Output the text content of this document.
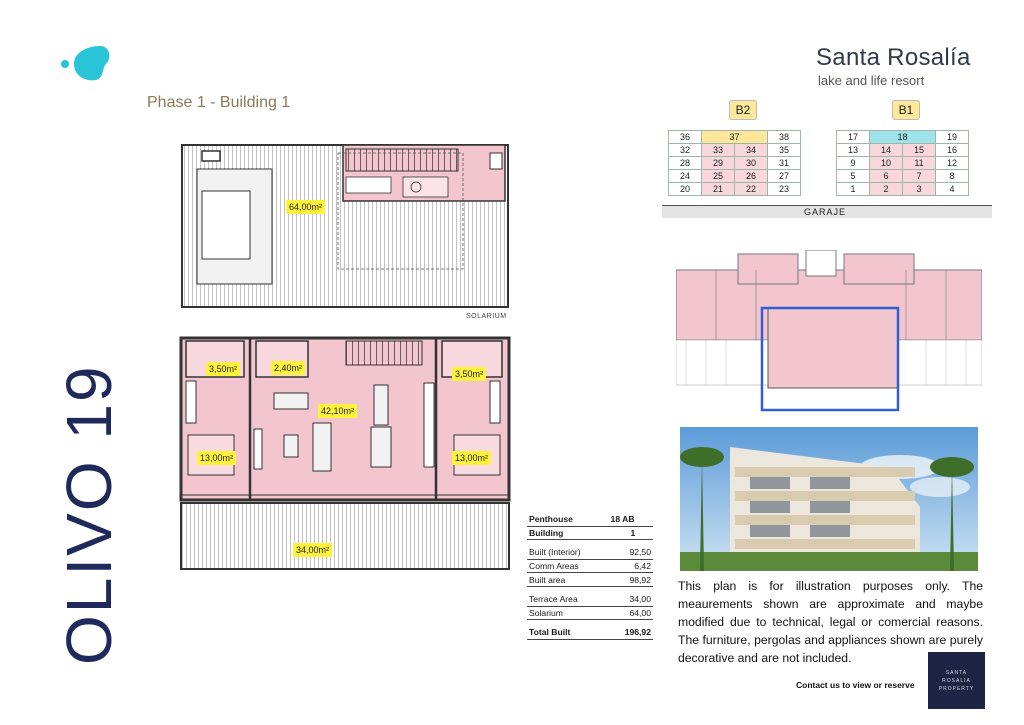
OLIVO 19
Phase 1 - Building 1
Santa Rosalía
lake and life resort
64,00m²
SOLARIUM
3,50m²	2,40m²
3,50m²
42,10m²
13,00m²	13,00m²
34,00m²
Penthouse	18 AB
Building	1

Built (Interior)	92,50
Comm Areas	6,42
Built area	98,92

Terrace Area	34,00
Solarium	64,00

Total Built	196,92
B2	B1
36	37		38
32	33	34	35
28	29	30	31
24	25	26	27
20	21	22	23
17	18		19
13	14	15	16
9	10	11	12
5	6	7	8
1	2	3	4
GARAJE
This plan is for illustration purposes only. The meaurements shown are approximate and maybe modified due to technical, legal or comercial reasons. The furniture, pergolas and appliances shown are purely decorative and are not included.
Contact us to view or reserve
SANTA
ROSALIA
PROPERTY
